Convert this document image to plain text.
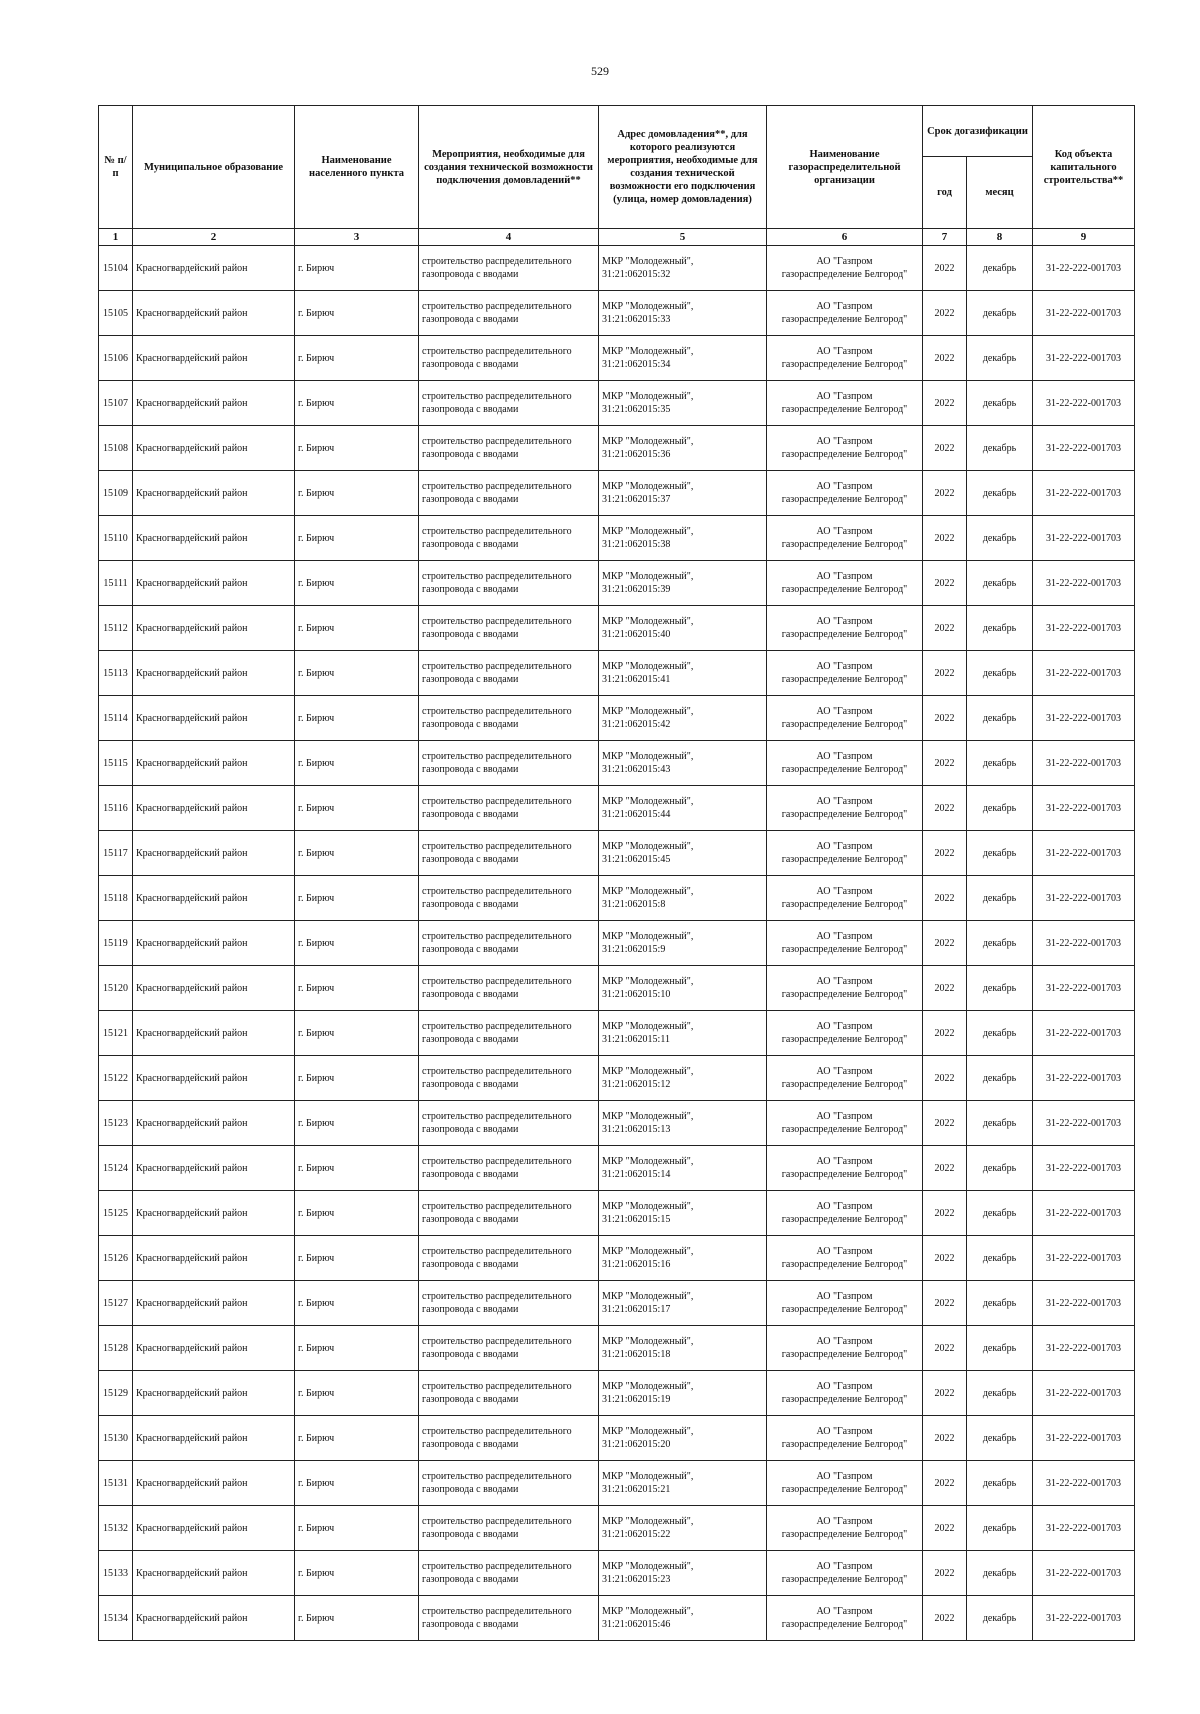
529
№ п/п	Муниципальное образование	Наименование населенного пункта	Мероприятия, необходимые для создания технической возможности подключения домовладений**	Адрес домовладения**, для которого реализуются мероприятия, необходимые для создания технической возможности его подключения (улица, номер домовладения)	Наименование газораспределительной организации	Срок догазификации		Код объекта капитального строительства**
						год	месяц	
1	2	3	4	5	6	7	8	9
15104	Красногвардейский район	г. Бирюч	строительство распределительного
газопровода с вводами	МКР "Молодежный",
31:21:062015:32	АО "Газпром
газораспределение Белгород"	2022	декабрь	31-22-222-001703
15105	Красногвардейский район	г. Бирюч	строительство распределительного
газопровода с вводами	МКР "Молодежный",
31:21:062015:33	АО "Газпром
газораспределение Белгород"	2022	декабрь	31-22-222-001703
15106	Красногвардейский район	г. Бирюч	строительство распределительного
газопровода с вводами	МКР "Молодежный",
31:21:062015:34	АО "Газпром
газораспределение Белгород"	2022	декабрь	31-22-222-001703
15107	Красногвардейский район	г. Бирюч	строительство распределительного
газопровода с вводами	МКР "Молодежный",
31:21:062015:35	АО "Газпром
газораспределение Белгород"	2022	декабрь	31-22-222-001703
15108	Красногвардейский район	г. Бирюч	строительство распределительного
газопровода с вводами	МКР "Молодежный",
31:21:062015:36	АО "Газпром
газораспределение Белгород"	2022	декабрь	31-22-222-001703
15109	Красногвардейский район	г. Бирюч	строительство распределительного
газопровода с вводами	МКР "Молодежный",
31:21:062015:37	АО "Газпром
газораспределение Белгород"	2022	декабрь	31-22-222-001703
15110	Красногвардейский район	г. Бирюч	строительство распределительного
газопровода с вводами	МКР "Молодежный",
31:21:062015:38	АО "Газпром
газораспределение Белгород"	2022	декабрь	31-22-222-001703
15111	Красногвардейский район	г. Бирюч	строительство распределительного
газопровода с вводами	МКР "Молодежный",
31:21:062015:39	АО "Газпром
газораспределение Белгород"	2022	декабрь	31-22-222-001703
15112	Красногвардейский район	г. Бирюч	строительство распределительного
газопровода с вводами	МКР "Молодежный",
31:21:062015:40	АО "Газпром
газораспределение Белгород"	2022	декабрь	31-22-222-001703
15113	Красногвардейский район	г. Бирюч	строительство распределительного
газопровода с вводами	МКР "Молодежный",
31:21:062015:41	АО "Газпром
газораспределение Белгород"	2022	декабрь	31-22-222-001703
15114	Красногвардейский район	г. Бирюч	строительство распределительного
газопровода с вводами	МКР "Молодежный",
31:21:062015:42	АО "Газпром
газораспределение Белгород"	2022	декабрь	31-22-222-001703
15115	Красногвардейский район	г. Бирюч	строительство распределительного
газопровода с вводами	МКР "Молодежный",
31:21:062015:43	АО "Газпром
газораспределение Белгород"	2022	декабрь	31-22-222-001703
15116	Красногвардейский район	г. Бирюч	строительство распределительного
газопровода с вводами	МКР "Молодежный",
31:21:062015:44	АО "Газпром
газораспределение Белгород"	2022	декабрь	31-22-222-001703
15117	Красногвардейский район	г. Бирюч	строительство распределительного
газопровода с вводами	МКР "Молодежный",
31:21:062015:45	АО "Газпром
газораспределение Белгород"	2022	декабрь	31-22-222-001703
15118	Красногвардейский район	г. Бирюч	строительство распределительного
газопровода с вводами	МКР "Молодежный",
31:21:062015:8	АО "Газпром
газораспределение Белгород"	2022	декабрь	31-22-222-001703
15119	Красногвардейский район	г. Бирюч	строительство распределительного
газопровода с вводами	МКР "Молодежный",
31:21:062015:9	АО "Газпром
газораспределение Белгород"	2022	декабрь	31-22-222-001703
15120	Красногвардейский район	г. Бирюч	строительство распределительного
газопровода с вводами	МКР "Молодежный",
31:21:062015:10	АО "Газпром
газораспределение Белгород"	2022	декабрь	31-22-222-001703
15121	Красногвардейский район	г. Бирюч	строительство распределительного
газопровода с вводами	МКР "Молодежный",
31:21:062015:11	АО "Газпром
газораспределение Белгород"	2022	декабрь	31-22-222-001703
15122	Красногвардейский район	г. Бирюч	строительство распределительного
газопровода с вводами	МКР "Молодежный",
31:21:062015:12	АО "Газпром
газораспределение Белгород"	2022	декабрь	31-22-222-001703
15123	Красногвардейский район	г. Бирюч	строительство распределительного
газопровода с вводами	МКР "Молодежный",
31:21:062015:13	АО "Газпром
газораспределение Белгород"	2022	декабрь	31-22-222-001703
15124	Красногвардейский район	г. Бирюч	строительство распределительного
газопровода с вводами	МКР "Молодежный",
31:21:062015:14	АО "Газпром
газораспределение Белгород"	2022	декабрь	31-22-222-001703
15125	Красногвардейский район	г. Бирюч	строительство распределительного
газопровода с вводами	МКР "Молодежный",
31:21:062015:15	АО "Газпром
газораспределение Белгород"	2022	декабрь	31-22-222-001703
15126	Красногвардейский район	г. Бирюч	строительство распределительного
газопровода с вводами	МКР "Молодежный",
31:21:062015:16	АО "Газпром
газораспределение Белгород"	2022	декабрь	31-22-222-001703
15127	Красногвардейский район	г. Бирюч	строительство распределительного
газопровода с вводами	МКР "Молодежный",
31:21:062015:17	АО "Газпром
газораспределение Белгород"	2022	декабрь	31-22-222-001703
15128	Красногвардейский район	г. Бирюч	строительство распределительного
газопровода с вводами	МКР "Молодежный",
31:21:062015:18	АО "Газпром
газораспределение Белгород"	2022	декабрь	31-22-222-001703
15129	Красногвардейский район	г. Бирюч	строительство распределительного
газопровода с вводами	МКР "Молодежный",
31:21:062015:19	АО "Газпром
газораспределение Белгород"	2022	декабрь	31-22-222-001703
15130	Красногвардейский район	г. Бирюч	строительство распределительного
газопровода с вводами	МКР "Молодежный",
31:21:062015:20	АО "Газпром
газораспределение Белгород"	2022	декабрь	31-22-222-001703
15131	Красногвардейский район	г. Бирюч	строительство распределительного
газопровода с вводами	МКР "Молодежный",
31:21:062015:21	АО "Газпром
газораспределение Белгород"	2022	декабрь	31-22-222-001703
15132	Красногвардейский район	г. Бирюч	строительство распределительного
газопровода с вводами	МКР "Молодежный",
31:21:062015:22	АО "Газпром
газораспределение Белгород"	2022	декабрь	31-22-222-001703
15133	Красногвардейский район	г. Бирюч	строительство распределительного
газопровода с вводами	МКР "Молодежный",
31:21:062015:23	АО "Газпром
газораспределение Белгород"	2022	декабрь	31-22-222-001703
15134	Красногвардейский район	г. Бирюч	строительство распределительного
газопровода с вводами	МКР "Молодежный",
31:21:062015:46	АО "Газпром
газораспределение Белгород"	2022	декабрь	31-22-222-001703
